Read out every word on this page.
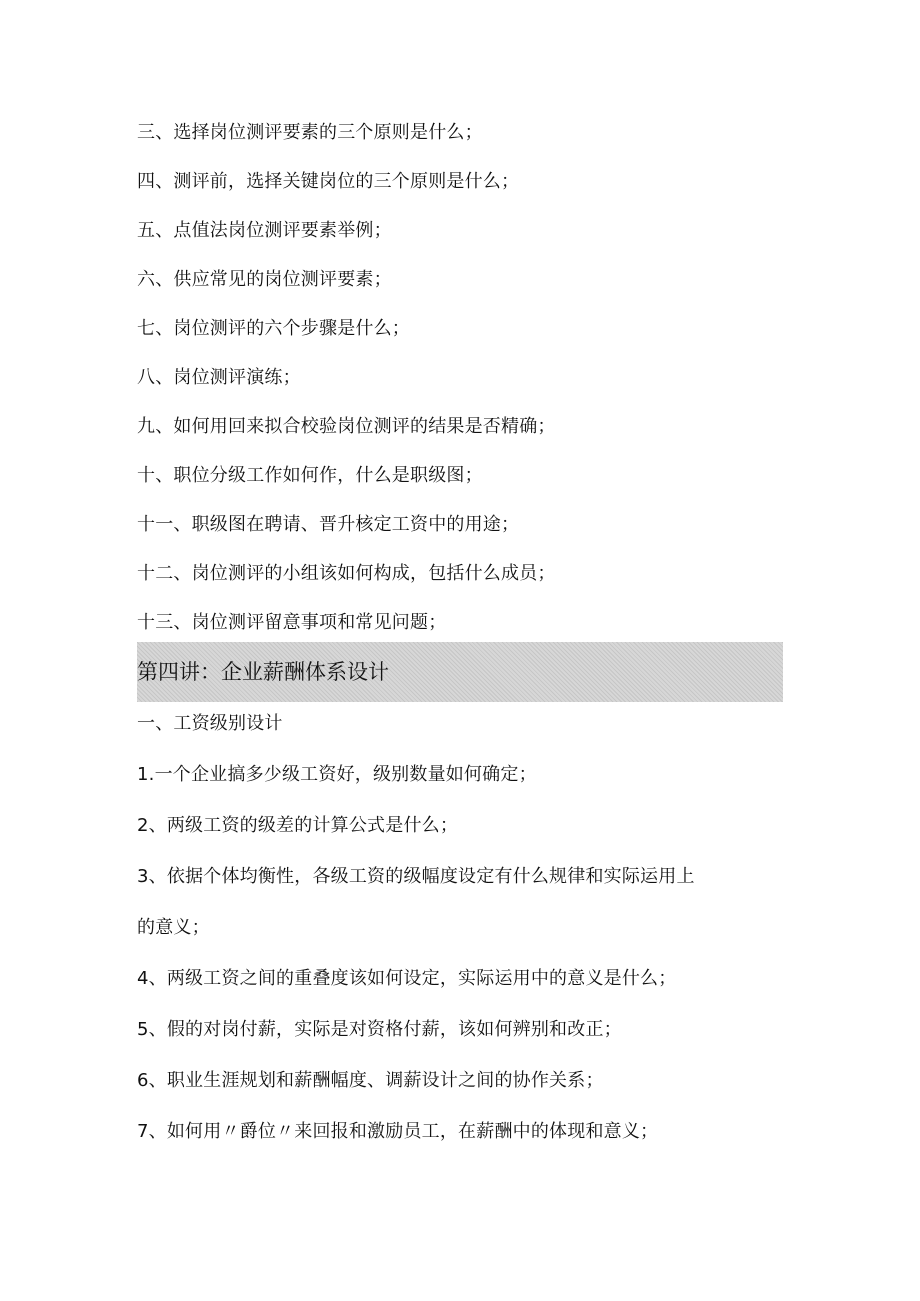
三、选择岗位测评要素的三个原则是什么；
四、测评前，选择关键岗位的三个原则是什么；
五、点值法岗位测评要素举例；
六、供应常见的岗位测评要素；
七、岗位测评的六个步骤是什么；
八、岗位测评演练；
九、如何用回来拟合校验岗位测评的结果是否精确；
十、职位分级工作如何作，什么是职级图；
十一、职级图在聘请、晋升核定工资中的用途；
十二、岗位测评的小组该如何构成，包括什么成员；
十三、岗位测评留意事项和常见问题；
第四讲：企业薪酬体系设计
一、工资级别设计
1.一个企业搞多少级工资好，级别数量如何确定；
2、两级工资的级差的计算公式是什么；
3、依据个体均衡性，各级工资的级幅度设定有什么规律和实际运用上
的意义；
4、两级工资之间的重叠度该如何设定，实际运用中的意义是什么；
5、假的对岗付薪，实际是对资格付薪，该如何辨别和改正；
6、职业生涯规划和薪酬幅度、调薪设计之间的协作关系；
7、如何用〃爵位〃来回报和激励员工，在薪酬中的体现和意义；
